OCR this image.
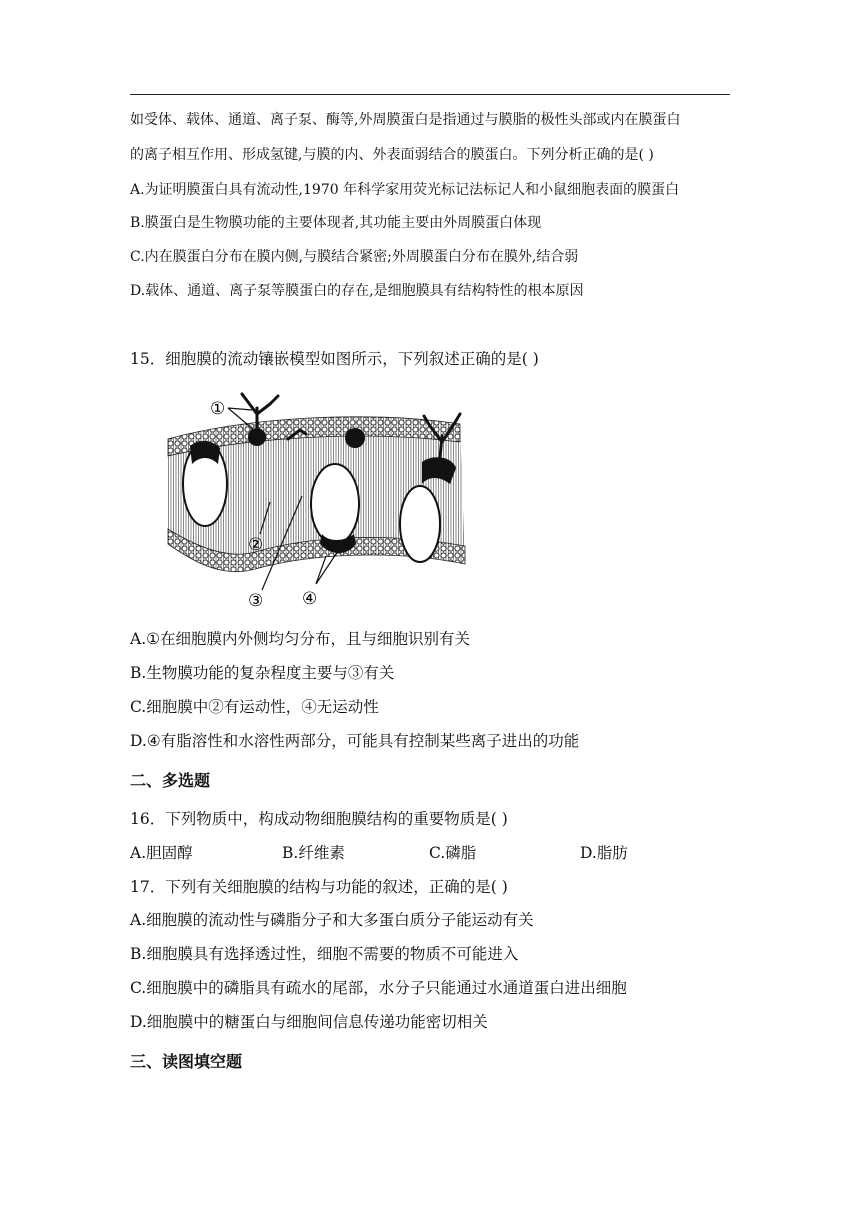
如受体、载体、通道、离子泵、酶等,外周膜蛋白是指通过与膜脂的极性头部或内在膜蛋白
的离子相互作用、形成氢键,与膜的内、外表面弱结合的膜蛋白。下列分析正确的是( )
A.为证明膜蛋白具有流动性,1970 年科学家用荧光标记法标记人和小鼠细胞表面的膜蛋白
B.膜蛋白是生物膜功能的主要体现者,其功能主要由外周膜蛋白体现
C.内在膜蛋白分布在膜内侧,与膜结合紧密;外周膜蛋白分布在膜外,结合弱
D.载体、通道、离子泵等膜蛋白的存在,是细胞膜具有结构特性的根本原因
15．细胞膜的流动镶嵌模型如图所示，下列叙述正确的是( )
①
②
③ ④
A.①在细胞膜内外侧均匀分布，且与细胞识别有关
B.生物膜功能的复杂程度主要与③有关
C.细胞膜中②有运动性，④无运动性
D.④有脂溶性和水溶性两部分，可能具有控制某些离子进出的功能
二、多选题
16．下列物质中，构成动物细胞膜结构的重要物质是( )
A.胆固醇	B.纤维素	C.磷脂	D.脂肪
17．下列有关细胞膜的结构与功能的叙述，正确的是( )
A.细胞膜的流动性与磷脂分子和大多蛋白质分子能运动有关
B.细胞膜具有选择透过性，细胞不需要的物质不可能进入
C.细胞膜中的磷脂具有疏水的尾部，水分子只能通过水通道蛋白进出细胞
D.细胞膜中的糖蛋白与细胞间信息传递功能密切相关
三、读图填空题
